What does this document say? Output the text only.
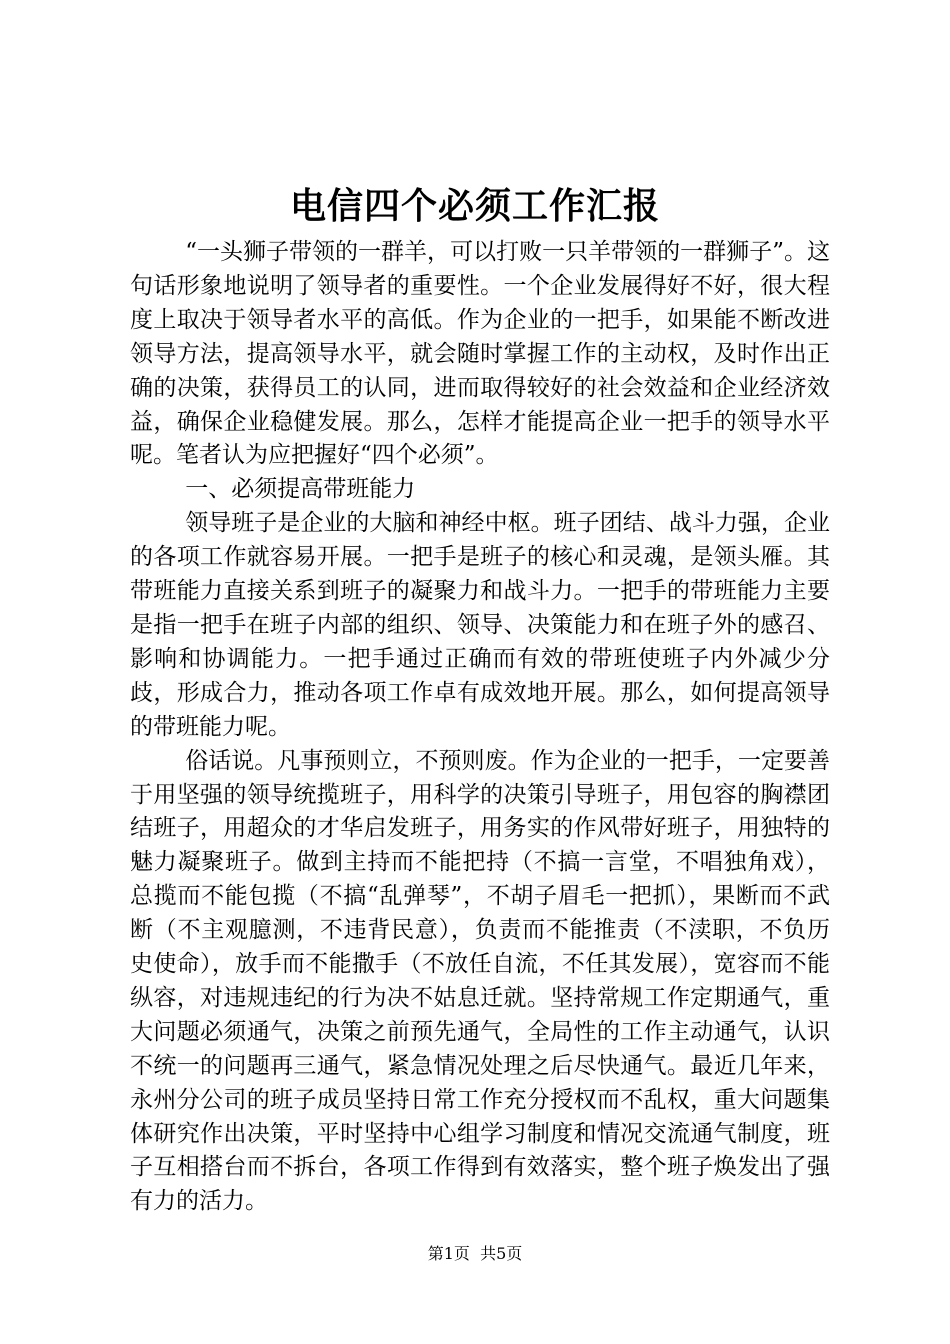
电信四个必须工作汇报

“一头狮子带领的一群羊，可以打败一只羊带领的一群狮子”。这句话形象地说明了领导者的重要性。一个企业发展得好不好，很大程度上取决于领导者水平的高低。作为企业的一把手，如果能不断改进领导方法，提高领导水平，就会随时掌握工作的主动权，及时作出正确的决策，获得员工的认同，进而取得较好的社会效益和企业经济效益，确保企业稳健发展。那么，怎样才能提高企业一把手的领导水平呢。笔者认为应把握好“四个必须”。

一、必须提高带班能力

领导班子是企业的大脑和神经中枢。班子团结、战斗力强，企业的各项工作就容易开展。一把手是班子的核心和灵魂，是领头雁。其带班能力直接关系到班子的凝聚力和战斗力。一把手的带班能力主要是指一把手在班子内部的组织、领导、决策能力和在班子外的感召、影响和协调能力。一把手通过正确而有效的带班使班子内外减少分歧，形成合力，推动各项工作卓有成效地开展。那么，如何提高领导的带班能力呢。

俗话说。凡事预则立，不预则废。作为企业的一把手，一定要善于用坚强的领导统揽班子，用科学的决策引导班子，用包容的胸襟团结班子，用超众的才华启发班子，用务实的作风带好班子，用独特的魅力凝聚班子。做到主持而不能把持（不搞一言堂，不唱独角戏），总揽而不能包揽（不搞“乱弹琴”，不胡子眉毛一把抓），果断而不武断（不主观臆测，不违背民意），负责而不能推责（不渎职，不负历史使命），放手而不能撒手（不放任自流，不任其发展），宽容而不能纵容，对违规违纪的行为决不姑息迁就。坚持常规工作定期通气，重大问题必须通气，决策之前预先通气，全局性的工作主动通气，认识不统一的问题再三通气，紧急情况处理之后尽快通气。最近几年来，永州分公司的班子成员坚持日常工作充分授权而不乱权，重大问题集体研究作出决策，平时坚持中心组学习制度和情况交流通气制度，班子互相搭台而不拆台，各项工作得到有效落实，整个班子焕发出了强有力的活力。

第1页  共5页
